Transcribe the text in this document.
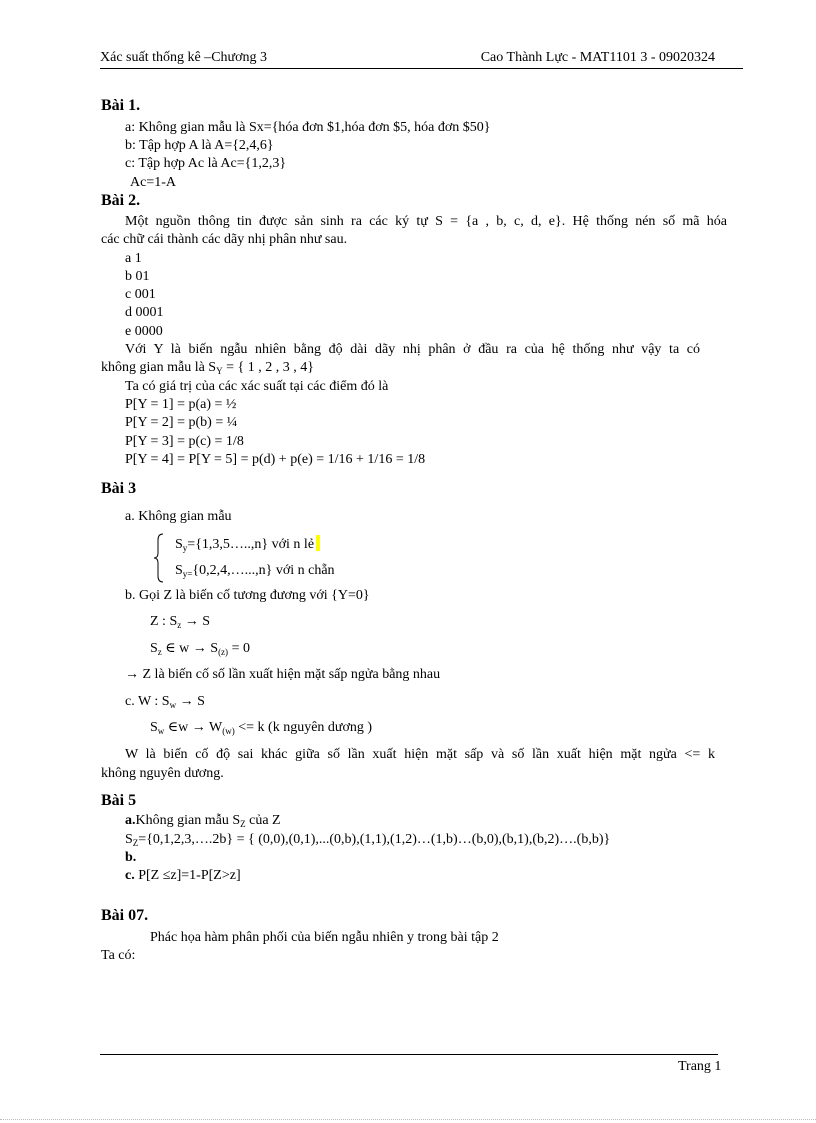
Xác suất thống kê –Chương 3	Cao Thành Lực - MAT1101 3 - 09020324
Bài 1.
a: Không gian mẫu là Sx={hóa đơn $1,hóa đơn $5, hóa đơn $50}
b: Tập hợp A là A={2,4,6}
c: Tập hợp Ac là Ac={1,2,3}
Ac=1-A
Bài 2.
Một nguồn thông tin được sản sinh ra các ký tự S = {a , b, c, d, e}. Hệ thống nén số mã hóa
các chữ cái thành các dãy nhị phân như sau.
a 1
b 01
c 001
d 0001
e 0000
Với Y là biến ngẫu nhiên bằng độ dài dãy nhị phân ở đầu ra của hệ thống như vậy ta có
không gian mẫu là $S_Y$ = { 1 , 2 , 3 , 4}
Ta có giá trị của các xác suất tại các điểm đó là
P[Y = 1] = p(a) = ½
P[Y = 2] = p(b) = ¼
P[Y = 3] = p(c) = 1/8
P[Y = 4] = P[Y = 5] = p(d) + p(e) = 1/16 + 1/16 = 1/8
Bài 3
a. Không gian mẫu
$S_y=\{1,3,5\dots..,n\}$ với n lẻ
$S_{y=}\{0,2,4,\dots...,n\}$ với n chẵn
b. Gọi Z là biến cố tương đương với {Y=0}
Z : $S_z \to S$
$S_z$ ∈ $w \to S_{(z)} = 0$
→ Z là biến cố số lần xuất hiện mặt sấp ngửa bằng nhau
c. W : $S_w \to S$
$S_w$ ∈w → $W_{(w)} <= k$ (k nguyên dương )
W là biến cố độ sai khác giữa số lần xuất hiện mặt sấp và số lần xuất hiện mặt ngửa <= k
không nguyên dương.
Bài 5
a.Không gian mẫu $S_Z$ của Z
$S_Z=\{0,1,2,3,\dots.2b\}$ = { (0,0),(0,1),...(0,b),(1,1),(1,2)…(1,b)…(b,0),(b,1),(b,2)….(b,b)}
b.
c. P[Z ≤z]=1-P[Z>z]
Bài 07.
Phác họa hàm phân phối của biến ngẫu nhiên y trong bài tập 2
Ta có:
Trang 1
